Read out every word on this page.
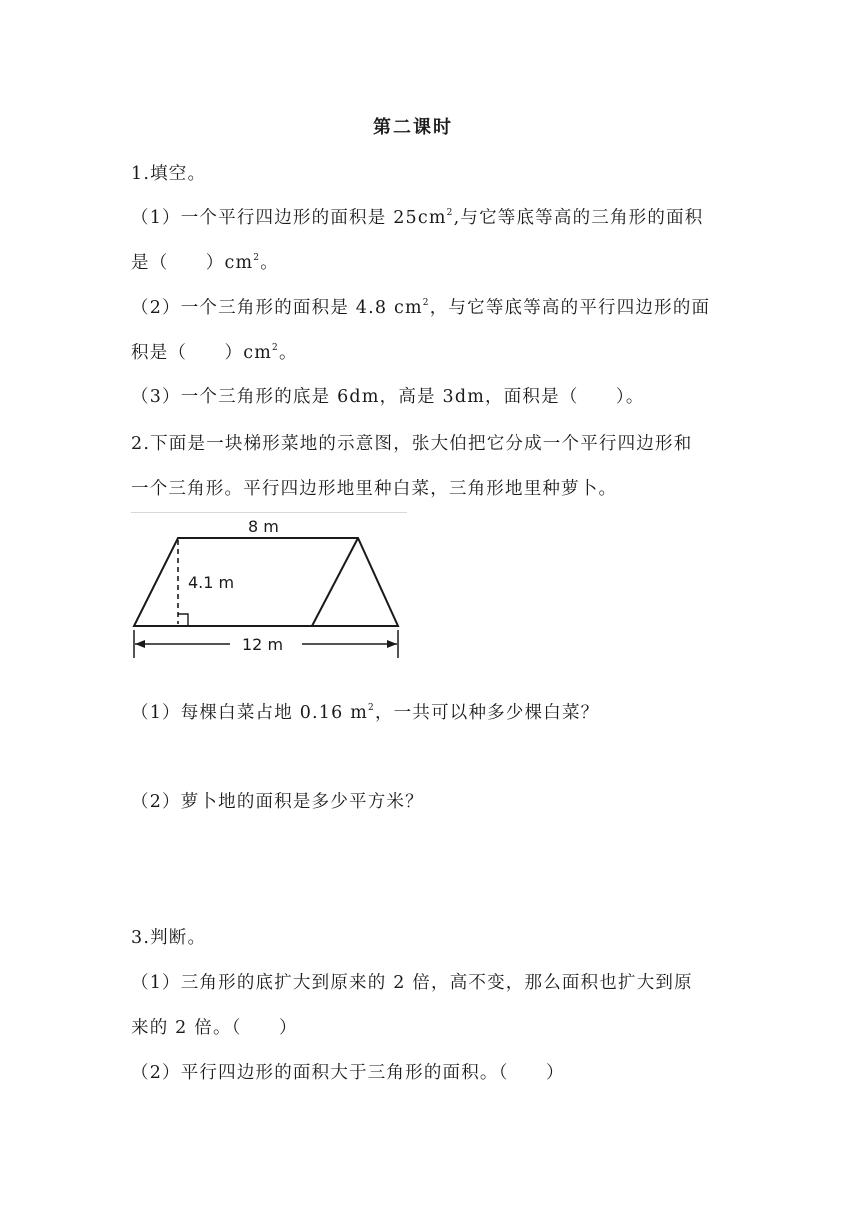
第二课时
1.填空。
（1）一个平行四边形的面积是 $25cm^2$,与它等底等高的三角形的面积
是（　　）$cm^2$。
（2）一个三角形的面积是 4.8 $cm^2$，与它等底等高的平行四边形的面
积是（　　）$cm^2$。
（3）一个三角形的底是 6dm，高是 3dm，面积是（　　）。
2.下面是一块梯形菜地的示意图，张大伯把它分成一个平行四边形和
一个三角形。平行四边形地里种白菜，三角形地里种萝卜。
8 m
4.1 m
12 m
（1）每棵白菜占地 0.16 $m^2$，一共可以种多少棵白菜？
（2）萝卜地的面积是多少平方米？
3.判断。
（1）三角形的底扩大到原来的 2 倍，高不变，那么面积也扩大到原
来的 2 倍。（　　）
（2）平行四边形的面积大于三角形的面积。（　　）
